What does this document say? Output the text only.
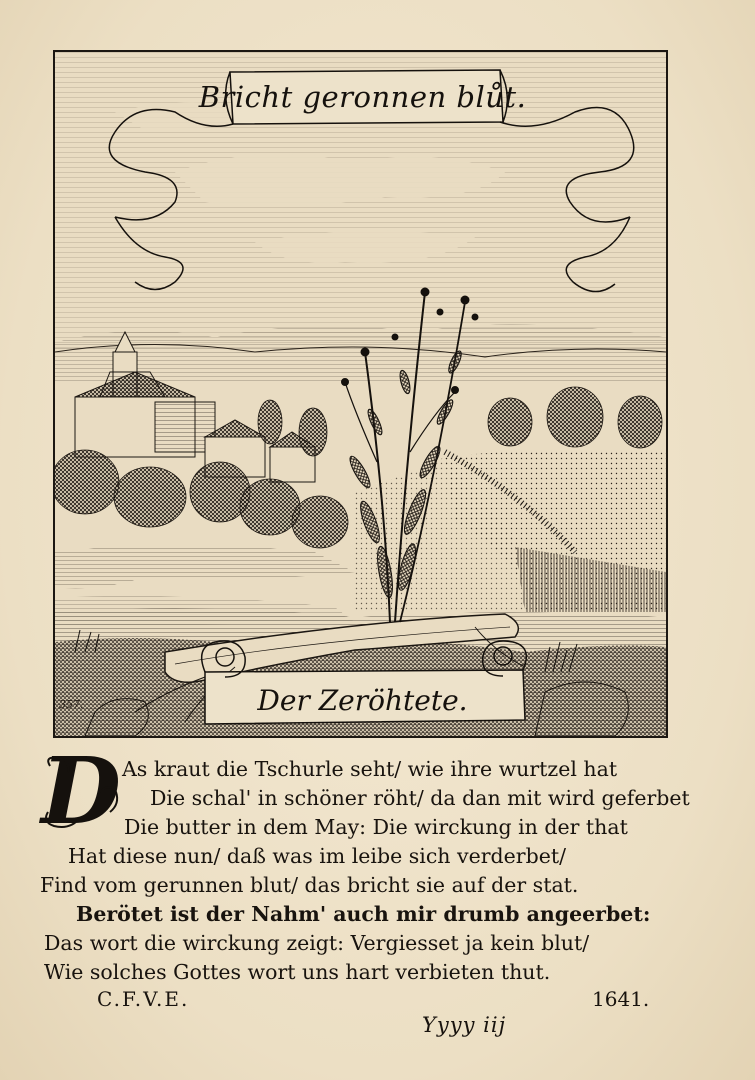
Bricht geronnen blůt.
Der Zeröhtete.
357.
D As kraut die Tschurle seht/ wie ihre wurtzel hat
Die schal' in schöner röht/ da dan mit wird geferbet
Die butter in dem May: Die wirckung in der that
Hat diese nun/ daß was im leibe sich verderbet/
Find vom gerunnen blut/ das bricht sie auf der stat.
Berötet ist der Nahm' auch mir drumb angeerbet:
Das wort die wirckung zeigt: Vergiesset ja kein blut/
Wie solches Gottes wort uns hart verbieten thut.
C.F.V.E.	1641.
Yyyy iij
